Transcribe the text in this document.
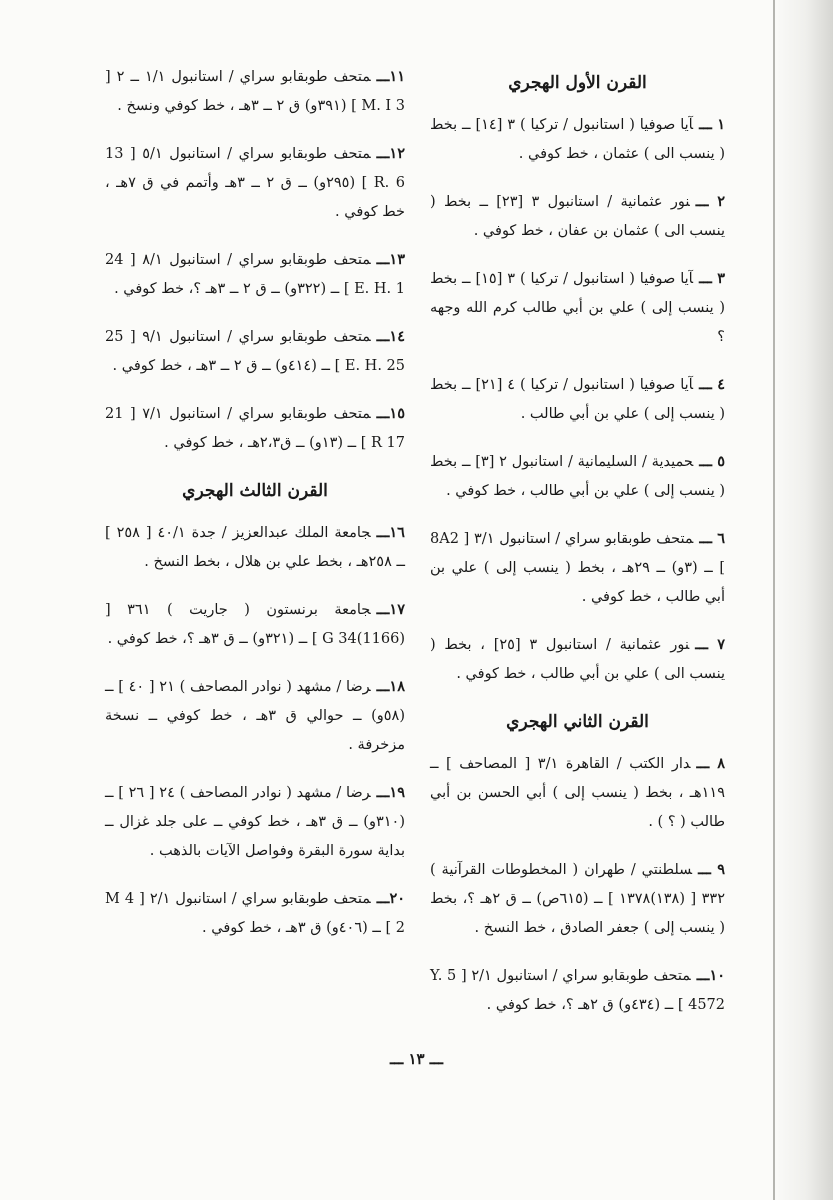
القرن الأول الهجري
١ ـــآيا صوفيا ( استانبول / تركيا ) ٣ [١٤] ــ بخط ( ينسب الى ) عثمان ، خط كوفي .
٢ ـــنور عثمانية / استانبول ٣ [٢٣] ــ بخط ( ينسب الى ) عثمان بن عفان ، خط كوفي .
٣ ـــآيا صوفيا ( استانبول / تركيا ) ٣ [١٥] ــ بخط ( ينسب إلى ) علي بن أبي طالب كرم الله وجهه ؟
٤ ـــآيا صوفيا ( استانبول / تركيا ) ٤ [٢١] ــ بخط ( ينسب إلى ) علي بن أبي طالب .
٥ ـــحميدية / السليمانية / استانبول ٢ [٣] ــ بخط ( ينسب إلى ) علي بن أبي طالب ، خط كوفي .
٦ ـــمتحف طوبقابو سراي / استانبول ٣/١ [ 8A2 ] ــ (٣و) ــ ٢٩هـ ، بخط ( ينسب إلى ) علي بن أبي طالب ، خط كوفي .
٧ ـــنور عثمانية / استانبول ٣ [٢٥] ، بخط ( ينسب الى ) علي بن أبي طالب ، خط كوفي .
القرن الثاني الهجري
٨ ـــدار الكتب / القاهرة ٣/١ [ المصاحف ] ــ ١١٩هـ ، بخط ( ينسب إلى ) أبي الحسن بن أبي طالب ( ؟ ) .
٩ ـــسلطنتي / طهران ( المخطوطات القرآنية ) ٣٣٢ [ (١٣٨)١٣٧٨ ] ــ (٦١٥ص) ــ ق ٢هـ ؟، بخط ( ينسب إلى ) جعفر الصادق ، خط النسخ .
١٠ـــمتحف طوبقابو سراي / استانبول ٢/١ [ 5 Y. 4572 ] ــ (٤٣٤و) ق ٢هـ ؟، خط كوفي .
١١ـــمتحف طوبقابو سراي / استانبول ١/١ ــ ٢ [ 3 M. I ] (٣٩١و) ق ٢ ــ ٣هـ ، خط كوفي ونسخ .
١٢ـــمتحف طوبقابو سراي / استانبول ٥/١ [ 13 R. 6 ] (٢٩٥و) ــ ق ٢ ــ ٣هـ وأتمم في ق ٧هـ ، خط كوفي .
١٣ـــمتحف طوبقابو سراي / استانبول ٨/١ [ 24 E. H. 1 ] ــ (٣٢٢و) ــ ق ٢ ــ ٣هـ ؟، خط كوفي .
١٤ـــمتحف طوبقابو سراي / استانبول ٩/١ [ 25 E. H. 25 ] ــ (٤١٤و) ــ ق ٢ ــ ٣هـ ، خط كوفي .
١٥ـــمتحف طوبقابو سراي / استانبول ٧/١ [ 21 R 17 ] ــ (١٣و) ــ ق٢،٣هـ ، خط كوفي .
القرن الثالث الهجري
١٦ـــجامعة الملك عبدالعزيز / جدة ٤٠/١ [ ٢٥٨ ] ــ ٢٥٨هـ ، بخط علي بن هلال ، بخط النسخ .
١٧ـــجامعة برنستون ( جاريت ) ٣٦١ [ (1166)34 G ] ــ (٣٢١و) ــ ق ٣هـ ؟، خط كوفي .
١٨ـــرضا / مشهد ( نوادر المصاحف ) ٢١ [ ٤٠ ] ــ (٥٨و) ــ حوالي ق ٣هـ ، خط كوفي ــ نسخة مزخرفة .
١٩ـــرضا / مشهد ( نوادر المصاحف ) ٢٤ [ ٢٦ ] ــ (٣١٠و) ــ ق ٣هـ ، خط كوفي ــ على جلد غزال ــ بداية سورة البقرة وفواصل الآيات بالذهب .
٢٠ـــمتحف طوبقابو سراي / استانبول ٢/١ [ 4 M 2 ] ــ (٤٠٦و) ق ٣هـ ، خط كوفي .
ـــ ١٣ ـــ
